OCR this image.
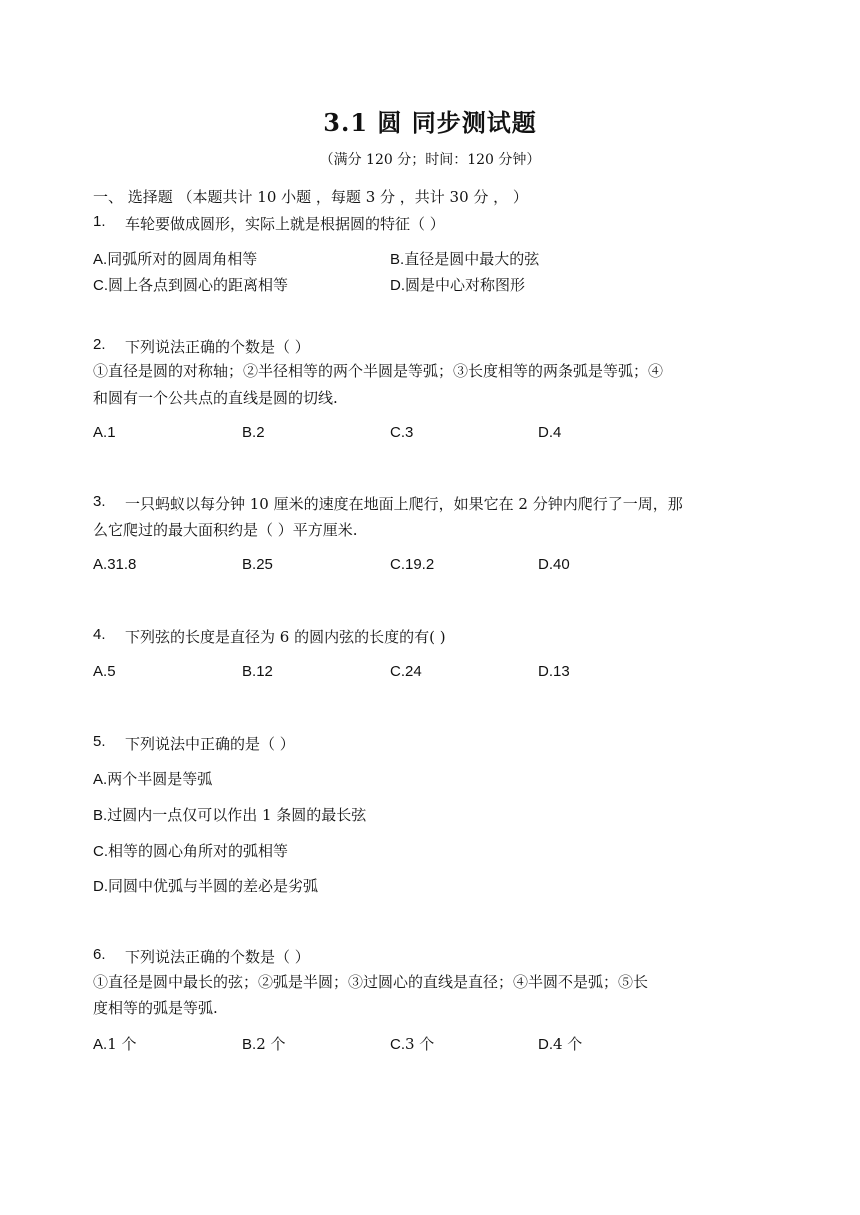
3.1 圆 同步测试题
（满分 120 分；时间：120 分钟）
一、 选择题 （本题共计 10 小题 ，每题 3 分 ，共计 30 分 ， ）
1. 车轮要做成圆形，实际上就是根据圆的特征（ ）
A.同弧所对的圆周角相等	B.直径是圆中最大的弦
C.圆上各点到圆心的距离相等	D.圆是中心对称图形
2. 下列说法正确的个数是（ ）
①直径是圆的对称轴；②半径相等的两个半圆是等弧；③长度相等的两条弧是等弧；④
和圆有一个公共点的直线是圆的切线.
A.1	B.2	C.3	D.4
3. 一只蚂蚁以每分钟 10 厘米的速度在地面上爬行，如果它在 2 分钟内爬行了一周，那
么它爬过的最大面积约是（ ）平方厘米.
A.31.8	B.25	C.19.2	D.40
4. 下列弦的长度是直径为 6 的圆内弦的长度的有( )
A.5	B.12	C.24	D.13
5. 下列说法中正确的是（ ）
A.两个半圆是等弧
B.过圆内一点仅可以作出 1 条圆的最长弦
C.相等的圆心角所对的弧相等
D.同圆中优弧与半圆的差必是劣弧
6. 下列说法正确的个数是（ ）
①直径是圆中最长的弦；②弧是半圆；③过圆心的直线是直径；④半圆不是弧；⑤长
度相等的弧是等弧.
A.1 个	B.2 个	C.3 个	D.4 个
